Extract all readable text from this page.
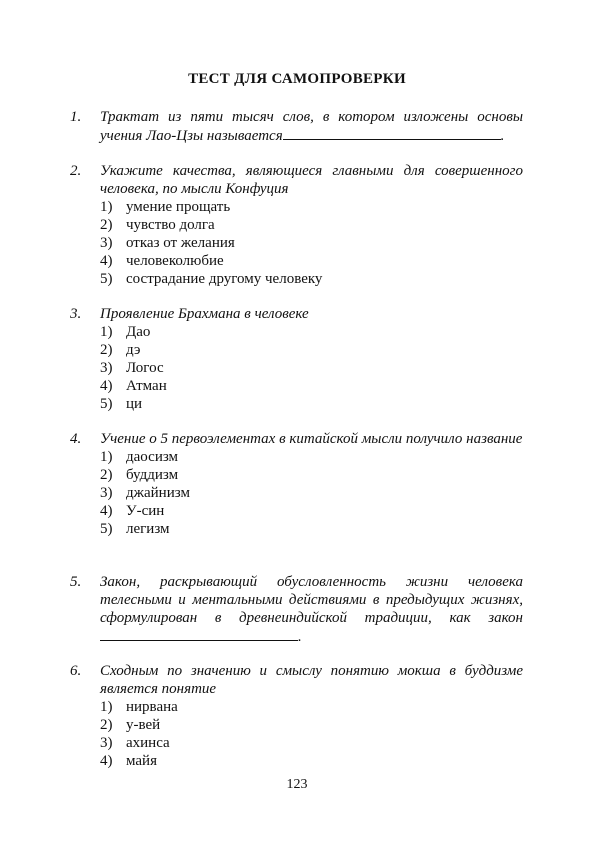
ТЕСТ ДЛЯ САМОПРОВЕРКИ
1. Трактат из пяти тысяч слов, в котором изложены основы учения Лао-Цзы называется	.
2. Укажите качества, являющиеся главными для совершенного человека, по мысли Конфуция
1) умение прощать
2) чувство долга
3) отказ от желания
4) человеколюбие
5) сострадание другому человеку
3. Проявление Брахмана в человеке
1) Дао
2) дэ
3) Логос
4) Атман
5) ци
4. Учение о 5 первоэлементах в китайской мысли получило название
1) даосизм
2) буддизм
3) джайнизм
4) У-син
5) легизм
5. Закон, раскрывающий обусловленность жизни человека телесными и ментальными действиями в предыдущих жизнях, сформулирован в древнеиндийской традиции, как закон.
6. Сходным по значению и смыслу понятию мокша в буддизме является понятие
1) нирвана
2) у-вей
3) ахинса
4) майя
123
